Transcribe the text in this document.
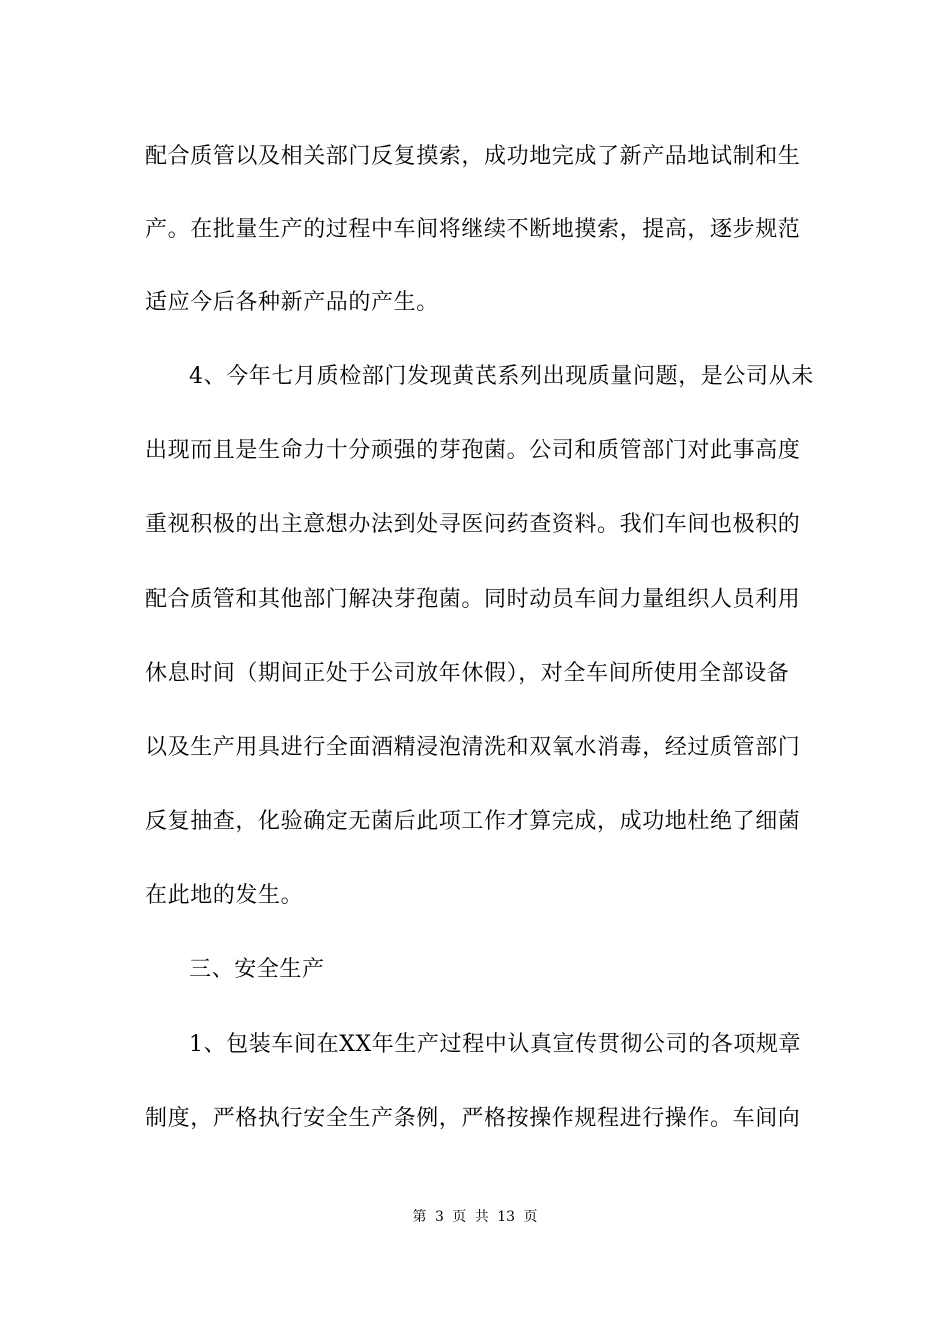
配合质管以及相关部门反复摸索，成功地完成了新产品地试制和生
产。在批量生产的过程中车间将继续不断地摸索，提高，逐步规范
适应今后各种新产品的产生。
4、今年七月质检部门发现黄芪系列出现质量问题，是公司从未
出现而且是生命力十分顽强的芽孢菌。公司和质管部门对此事高度
重视积极的出主意想办法到处寻医问药查资料。我们车间也极积的
配合质管和其他部门解决芽孢菌。同时动员车间力量组织人员利用
休息时间（期间正处于公司放年休假），对全车间所使用全部设备
以及生产用具进行全面酒精浸泡清洗和双氧水消毒，经过质管部门
反复抽查，化验确定无菌后此项工作才算完成，成功地杜绝了细菌
在此地的发生。
三、安全生产
1、包装车间在XX年生产过程中认真宣传贯彻公司的各项规章
制度，严格执行安全生产条例，严格按操作规程进行操作。车间向
第 3 页 共 13 页
